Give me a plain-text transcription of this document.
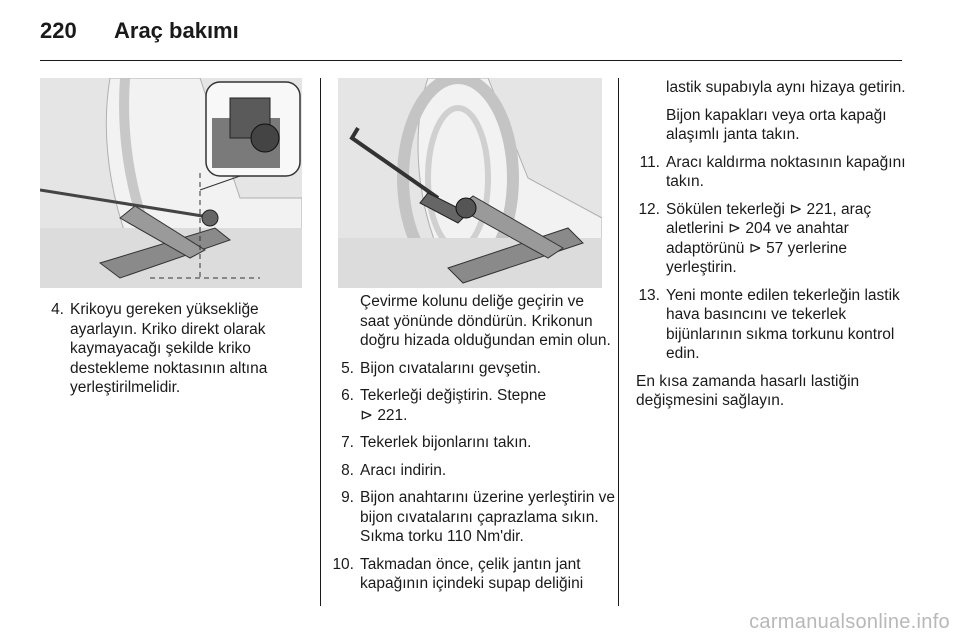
220 Araç bakımı

4. Krikoyu gereken yüksekliğe ayarlayın. Kriko direkt olarak kaymayacağı şekilde kriko destekleme noktasının altına yerleştirilmelidir.

Çevirme kolunu deliğe geçirin ve saat yönünde döndürün. Krikonun doğru hizada olduğundan emin olun.

5. Bijon cıvatalarını gevşetin.

6. Tekerleği değiştirin. Stepne
⊳ 221.

7. Tekerlek bijonlarını takın.

8. Aracı indirin.

9. Bijon anahtarını üzerine yerleştirin ve bijon cıvatalarını çaprazlama sıkın. Sıkma torku 110 Nm'dir.

10. Takmadan önce, çelik jantın jant kapağının içindeki supap deliğini

lastik supabıyla aynı hizaya getirin.

Bijon kapakları veya orta kapağı alaşımlı janta takın.

11. Aracı kaldırma noktasının kapağını takın.

12. Sökülen tekerleği ⊳ 221, araç aletlerini ⊳ 204 ve anahtar adaptörünü ⊳ 57 yerlerine yerleştirin.

13. Yeni monte edilen tekerleğin lastik hava basıncını ve tekerlek bijünlarının sıkma torkunu kontrol edin.

En kısa zamanda hasarlı lastiğin değişmesini sağlayın.

carmanualsonline.info
